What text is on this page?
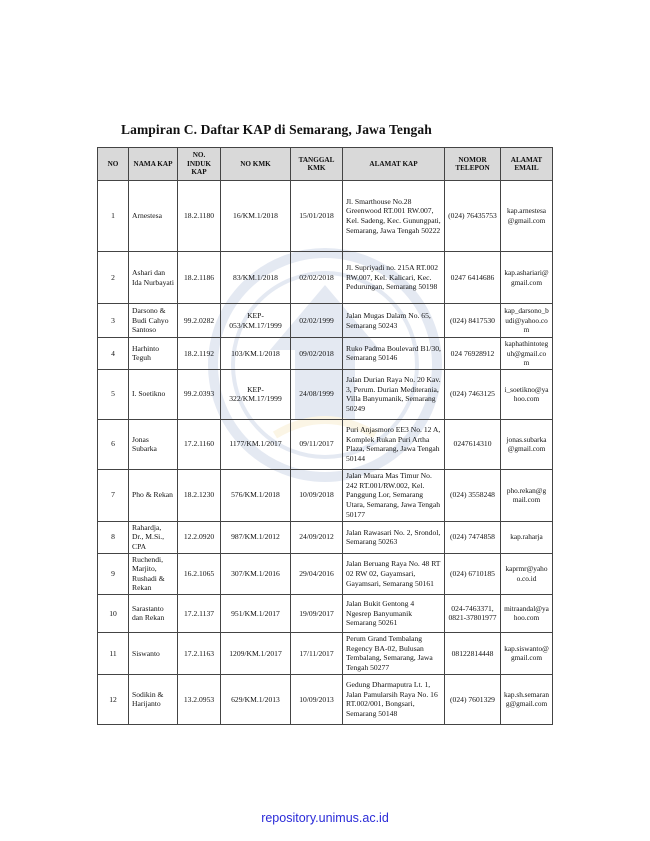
Lampiran C. Daftar KAP di Semarang, Jawa Tengah
NO	NAMA KAP	NO. INDUK KAP	NO KMK	TANGGAL KMK	ALAMAT KAP	NOMOR TELEPON	ALAMAT EMAIL
1	Arnestesa	18.2.1180	16/KM.1/2018	15/01/2018	Jl. Smarthouse No.28 Greenwood RT.001 RW.007, Kel. Sadeng, Kec. Gunungpati, Semarang, Jawa Tengah 50222	(024) 76435753	kap.arnestesa@gmail.com
2	Ashari dan Ida Nurbayati	18.2.1186	83/KM.1/2018	02/02/2018	Jl. Supriyadi no. 215A RT.002 RW.007, Kel. Kalicari, Kec. Pedurungan, Semarang 50198	0247 6414686	kap.ashariari@gmail.com
3	Darsono & Budi Cahyo Santoso	99.2.0282	KEP-053/KM.17/1999	02/02/1999	Jalan Mugas Dalam No. 65, Semarang 50243	(024) 8417530	kap_darsono_budi@yahoo.com
4	Harhinto Teguh	18.2.1192	103/KM.1/2018	09/02/2018	Ruko Padma Boulevard B1/30, Semarang 50146	024 76928912	kaphathintoteguh@gmail.com
5	I. Soetikno	99.2.0393	KEP-322/KM.17/1999	24/08/1999	Jalan Durian Raya No. 20 Kav. 3, Perum. Durian Mediterania, Villa Banyumanik, Semarang 50249	(024) 7463125	i_soetikno@yahoo.com
6	Jonas Subarka	17.2.1160	1177/KM.1/2017	09/11/2017	Puri Anjasmoro EE3 No. 12 A, Komplek Rukan Puri Artha Plaza, Semarang, Jawa Tengah 50144	0247614310	jonas.subarka@gmail.com
7	Pho & Rekan	18.2.1230	576/KM.1/2018	10/09/2018	Jalan Muara Mas Timur No. 242 RT.001/RW.002, Kel. Panggung Lor, Semarang Utara, Semarang, Jawa Tengah 50177	(024) 3558248	pho.rekan@gmail.com
8	Rahardja, Dr., M.Si., CPA	12.2.0920	987/KM.1/2012	24/09/2012	Jalan Rawasari No. 2, Srondol, Semarang 50263	(024) 7474858	kap.raharja
9	Ruchendi, Marjito, Rushadi & Rekan	16.2.1065	307/KM.1/2016	29/04/2016	Jalan Beruang Raya No. 48 RT 02 RW 02, Gayamsari, Gayamsari, Semarang 50161	(024) 6710185	kaprmr@yahoo.co.id
10	Sarastanto dan Rekan	17.2.1137	951/KM.1/2017	19/09/2017	Jalan Bukit Gentong 4 Ngesrep Banyumanik Semarang 50261	024-7463371, 0821-37801977	mitraandal@yahoo.com
11	Siswanto	17.2.1163	1209/KM.1/2017	17/11/2017	Perum Grand Tembalang Regency BA-02, Bulusan Tembalang, Semarang, Jawa Tengah 50277	08122814448	kap.siswanto@gmail.com
12	Sodikin & Harijanto	13.2.0953	629/KM.1/2013	10/09/2013	Gedung Dharmaputra Lt. 1, Jalan Pamularsih Raya No. 16 RT.002/001, Bongsari, Semarang 50148	(024) 7601329	kap.sh.semarang@gmail.com
repository.unimus.ac.id
